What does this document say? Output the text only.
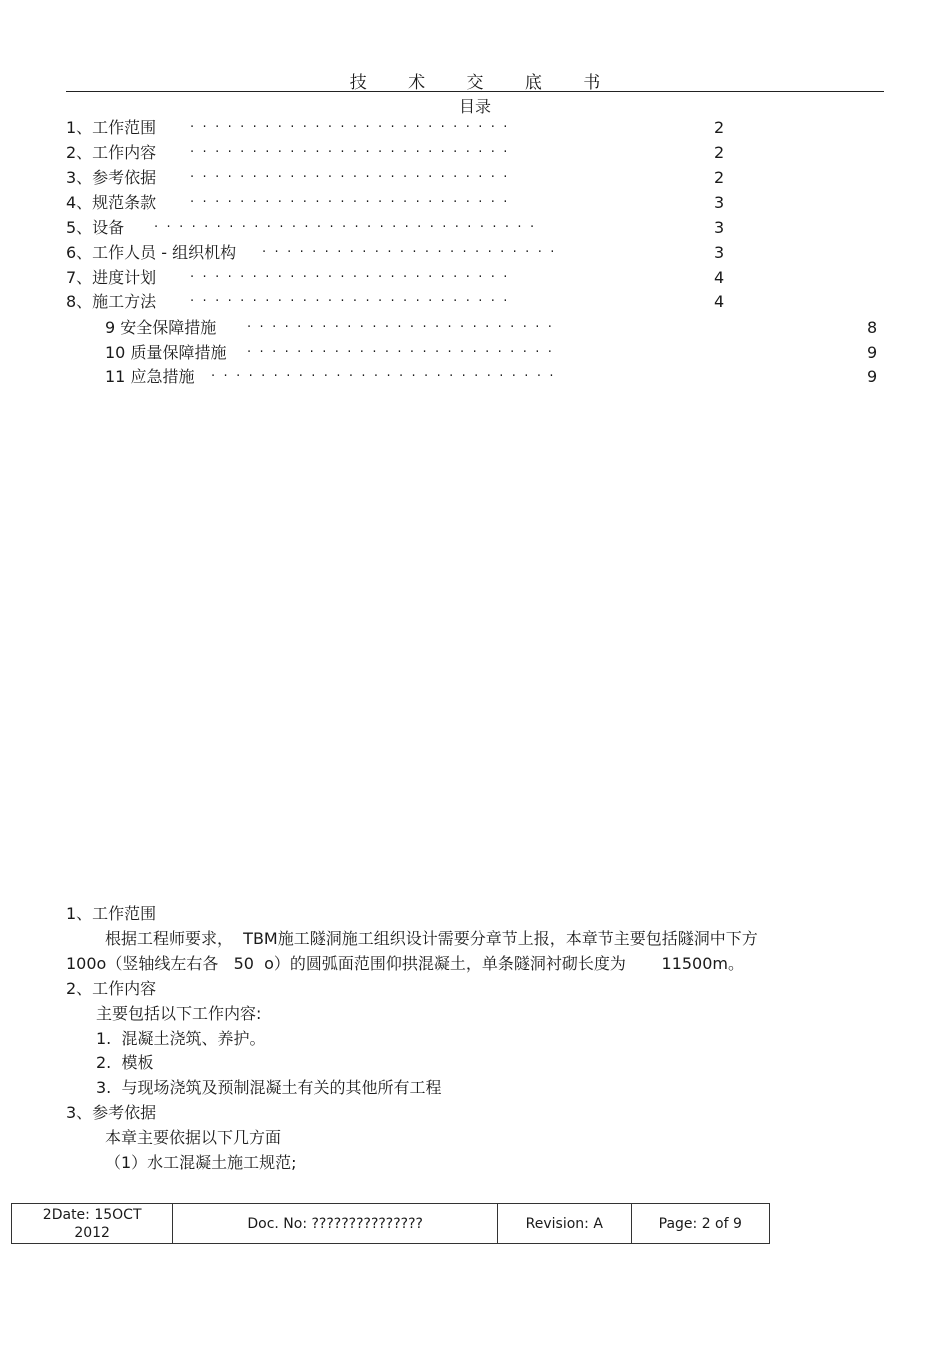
技 术 交 底 书
目录
1、工作范围	··························	2
2、工作内容	··························	2
3、参考依据	··························	2
4、规范条款	··························	3
5、设备 ·······························	3
6、工作人员 - 组织机构 ························	3
7、进度计划	··························	4
8、施工方法	··························	4
9 安全保障措施 ·························	8
10 质量保障措施 ·························	9
11 应急措施 ····························	9
1、工作范围
根据工程师要求，  TBM施工隧洞施工组织设计需要分章节上报，本章节主要包括隧洞中下方
100o（竖轴线左右各   50  o）的圆弧面范围仰拱混凝土，单条隧洞衬砌长度为       11500m。
2、工作内容
主要包括以下工作内容:
1.  混凝土浇筑、养护。
2.  模板
3.  与现场浇筑及预制混凝土有关的其他所有工程
3、参考依据
本章主要依据以下几方面
（1）水工混凝土施工规范;
2Date: 15OCT
2012
	Doc. No: ???????????????	Revision: A	Page: 2 of 9
